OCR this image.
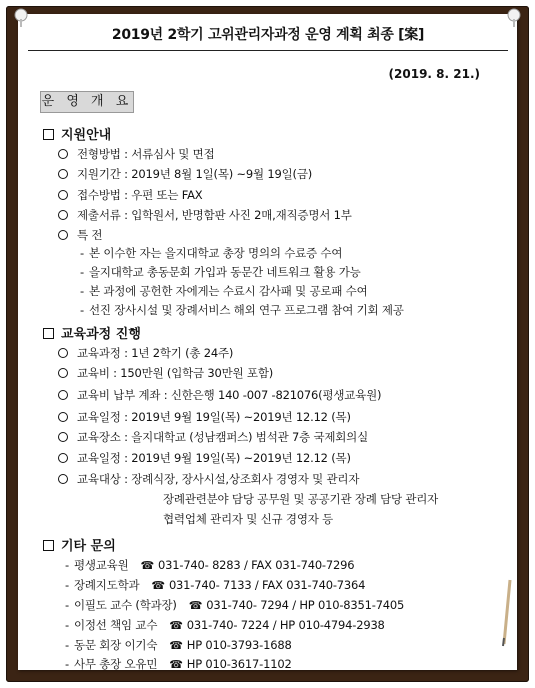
2019년 2학기 고위관리자과정 운영 계획 최종 [案]
(2019. 8. 21.)
운 영 개 요
지원안내
전형방법 : 서류심사 및 면접
지원기간 : 2019년 8월 1일(목) ~9월 19일(금)
접수방법 : 우편 또는 FAX
제출서류 : 입학원서, 반명함판 사진 2매,재직증명서 1부
특 전
- 본 이수한 자는 을지대학교 총장 명의의 수료증 수여
- 을지대학교 총동문회 가입과 동문간 네트워크 활용 가능
- 본 과정에 공헌한 자에게는 수료시 감사패 및 공로패 수여
- 선진 장사시설 및 장례서비스 해외 연구 프로그램 참여 기회 제공
교육과정 진행
교육과정 : 1년 2학기 (총 24주)
교육비 : 150만원 (입학금 30만원 포함)
교육비 납부 계좌 : 신한은행 140 -007 -821076(평생교육원)
교육일정 : 2019년 9월 19일(목) ~2019년 12.12 (목)
교육장소 : 을지대학교 (성남캠퍼스) 범석관 7층 국제회의실
교육일정 : 2019년 9월 19일(목) ~2019년 12.12 (목)
교육대상 : 장례식장, 장사시설,상조회사 경영자 및 관리자
장례관련분야 담당 공무원 및 공공기관 장례 담당 관리자
협력업체 관리자 및 신규 경영자 등
기타 문의
- 평생교육원 ☎ 031-740- 8283 / FAX 031-740-7296
- 장례지도학과 ☎ 031-740- 7133 / FAX 031-740-7364
- 이필도 교수 (학과장) ☎ 031-740- 7294 / HP 010-8351-7405
- 이정선 책임 교수 ☎ 031-740- 7224 / HP 010-4794-2938
- 동문 회장 이기숙 ☎ HP 010-3793-1688
- 사무 총장 오유민 ☎ HP 010-3617-1102
